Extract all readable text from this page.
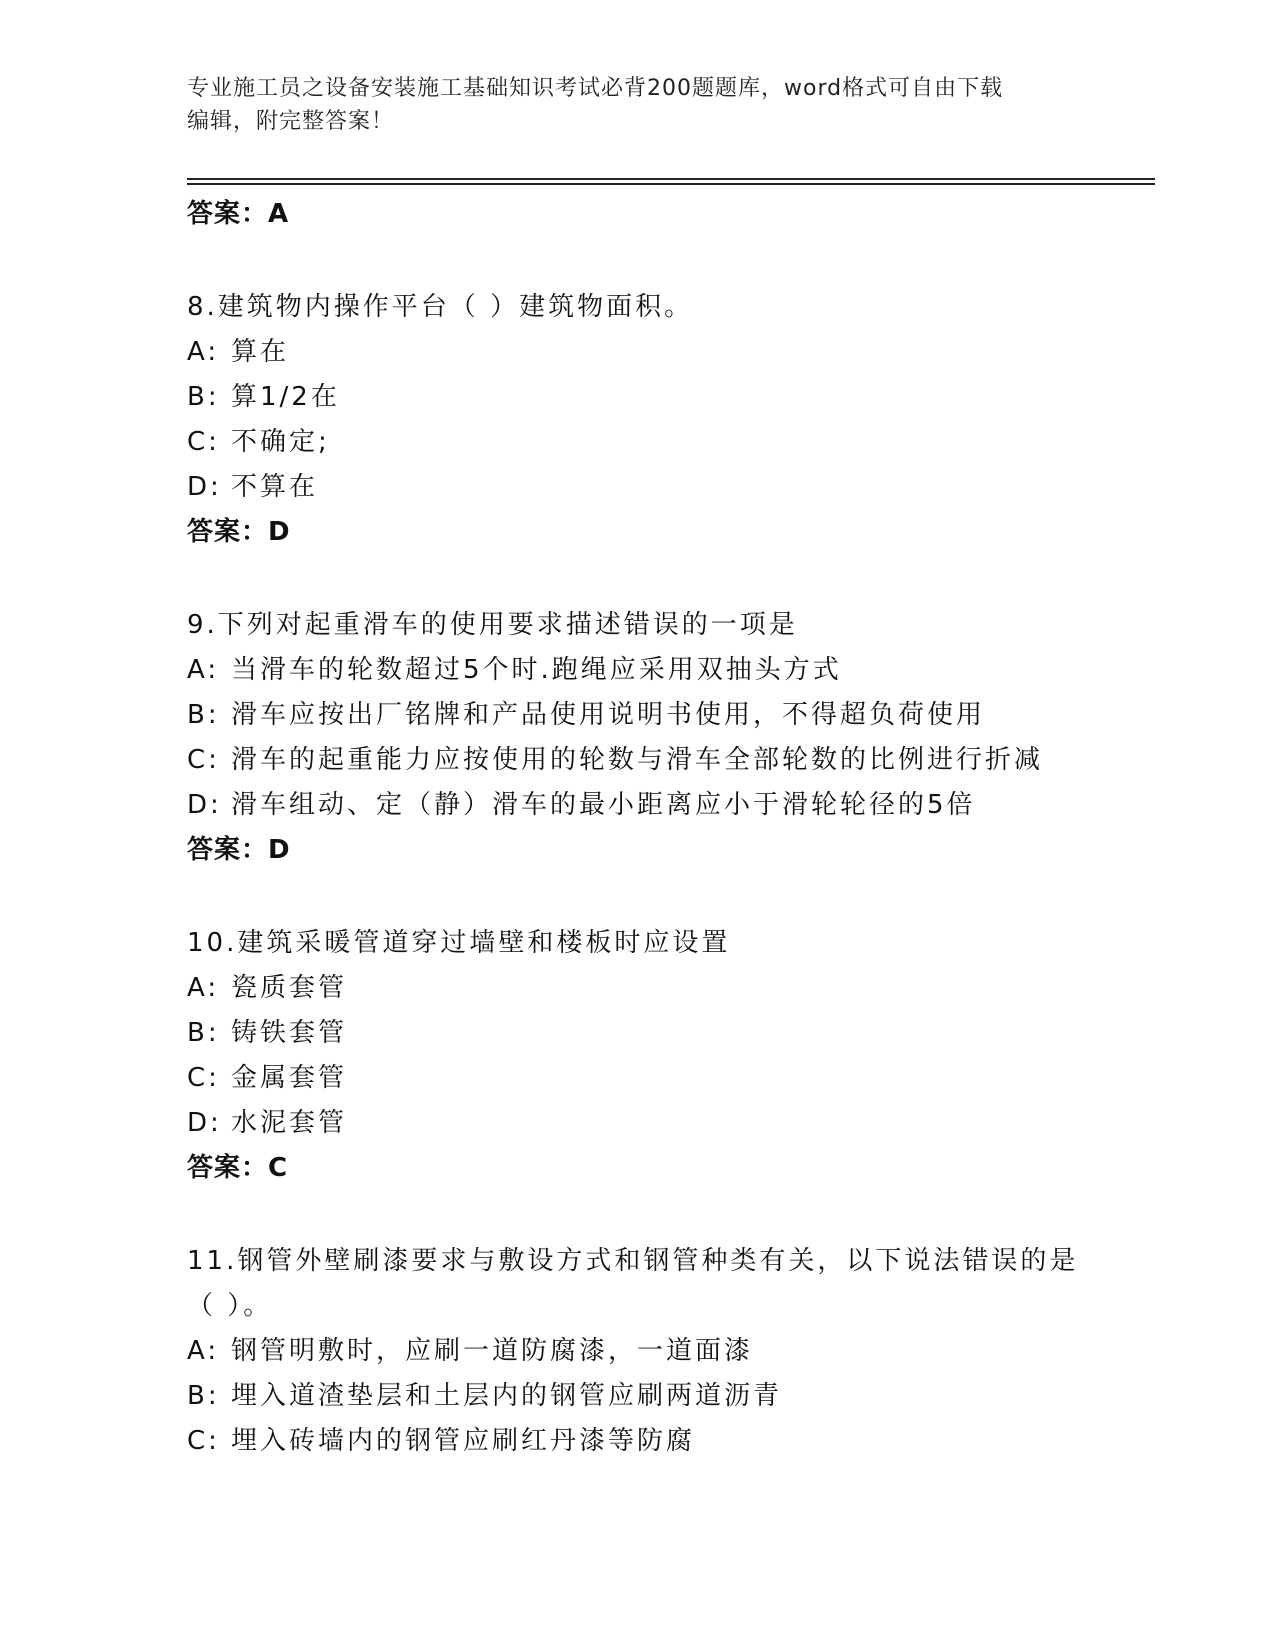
专业施工员之设备安装施工基础知识考试必背200题题库，word格式可自由下载
编辑，附完整答案！
答案：A
8.建筑物内操作平台（ ）建筑物面积。
A: 算在
B: 算1/2在
C: 不确定;
D: 不算在
答案：D
9.下列对起重滑车的使用要求描述错误的一项是
A: 当滑车的轮数超过5个时.跑绳应采用双抽头方式
B: 滑车应按出厂铭牌和产品使用说明书使用，不得超负荷使用
C: 滑车的起重能力应按使用的轮数与滑车全部轮数的比例进行折减
D: 滑车组动、定（静）滑车的最小距离应小于滑轮轮径的5倍
答案：D
10.建筑采暖管道穿过墙壁和楼板时应设置
A: 瓷质套管
B: 铸铁套管
C: 金属套管
D: 水泥套管
答案：C
11.钢管外壁刷漆要求与敷设方式和钢管种类有关，以下说法错误的是
（ ）。
A: 钢管明敷时，应刷一道防腐漆，一道面漆
B: 埋入道渣垫层和土层内的钢管应刷两道沥青
C: 埋入砖墙内的钢管应刷红丹漆等防腐
